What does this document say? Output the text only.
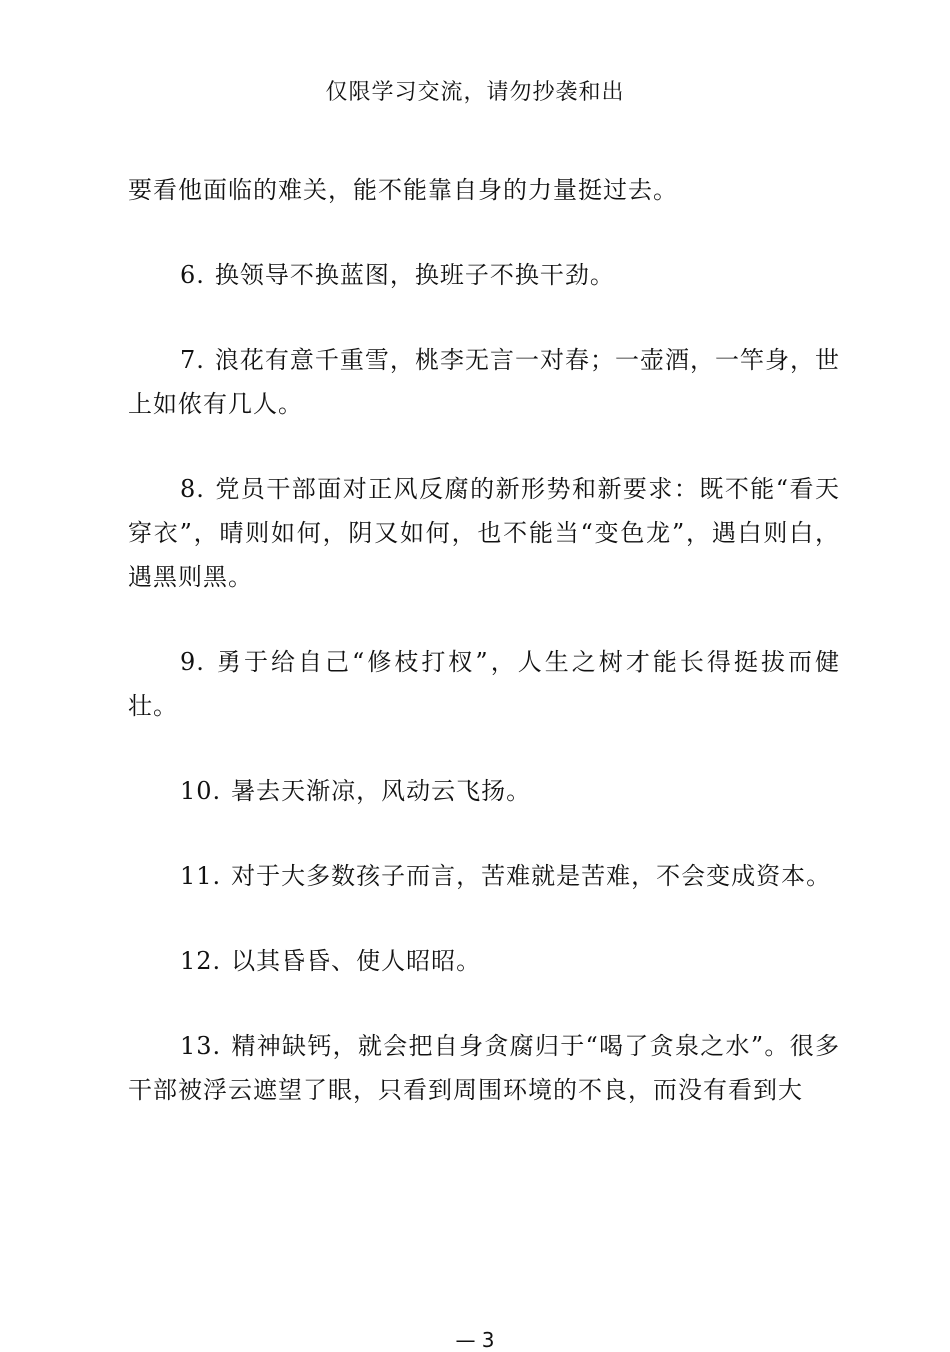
仅限学习交流，请勿抄袭和出

要看他面临的难关，能不能靠自身的力量挺过去。

6. 换领导不换蓝图，换班子不换干劲。

7. 浪花有意千重雪，桃李无言一对春；一壶酒，一竿身，世上如侬有几人。

8. 党员干部面对正风反腐的新形势和新要求：既不能“看天穿衣”，晴则如何，阴又如何，也不能当“变色龙”，遇白则白，遇黑则黑。

9. 勇于给自己“修枝打杈”，人生之树才能长得挺拔而健壮。

10. 暑去天渐凉，风动云飞扬。

11. 对于大多数孩子而言，苦难就是苦难，不会变成资本。

12. 以其昏昏、使人昭昭。

13. 精神缺钙，就会把自身贪腐归于“喝了贪泉之水”。很多干部被浮云遮望了眼，只看到周围环境的不良，而没有看到大

— 3
